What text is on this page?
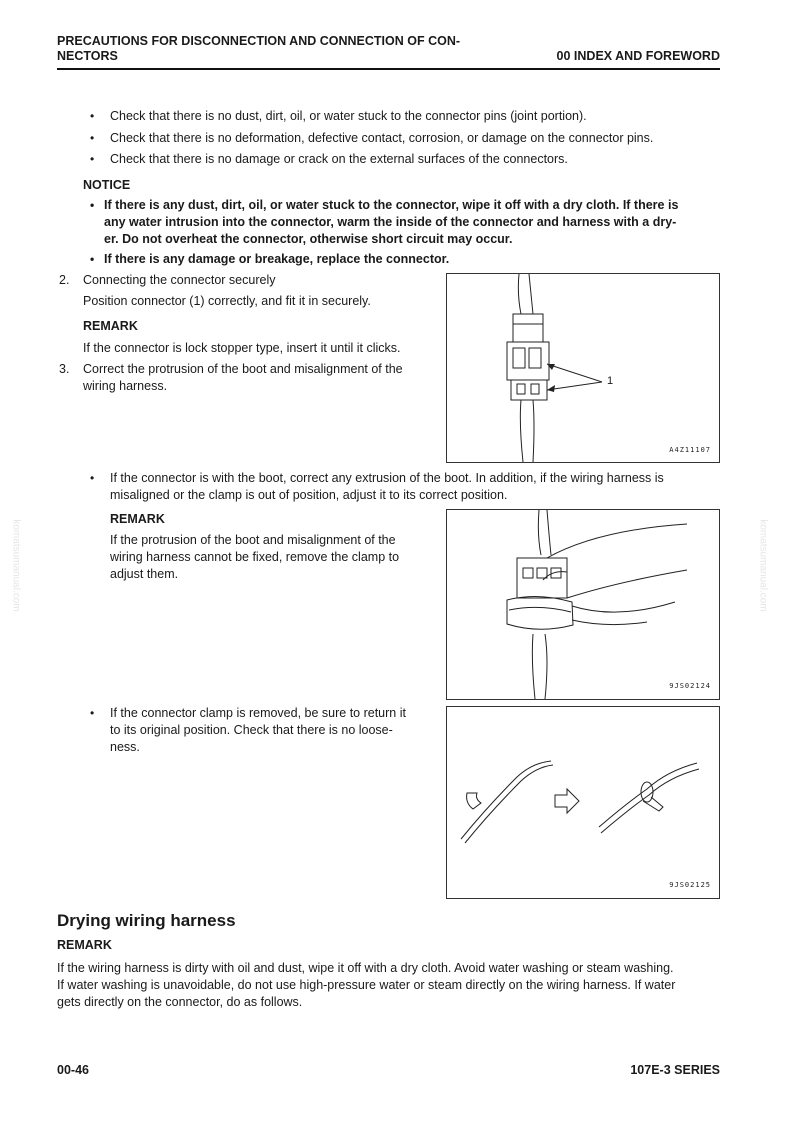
PRECAUTIONS FOR DISCONNECTION AND CONNECTION OF CON-
NECTORS	00 INDEX AND FOREWORD
komatsumanual.com	komatsumanual.com
• Check that there is no dust, dirt, oil, or water stuck to the connector pins (joint portion).
• Check that there is no deformation, defective contact, corrosion, or damage on the connector pins.
• Check that there is no damage or crack on the external surfaces of the connectors.
NOTICE
• If there is any dust, dirt, oil, or water stuck to the connector, wipe it off with a dry cloth. If there is
any water intrusion into the connector, warm the inside of the connector and harness with a dry-
er. Do not overheat the connector, otherwise short circuit may occur.
• If there is any damage or breakage, replace the connector.
2. Connecting the connector securely
Position connector (1) correctly, and fit it in securely.
REMARK
If the connector is lock stopper type, insert it until it clicks.
3. Correct the protrusion of the boot and misalignment of the
wiring harness.	1
A4Z11107
• If the connector is with the boot, correct any extrusion of the boot. In addition, if the wiring harness is
misaligned or the clamp is out of position, adjust it to its correct position.
REMARK
If the protrusion of the boot and misalignment of the
wiring harness cannot be fixed, remove the clamp to
adjust them.
9JS02124
• If the connector clamp is removed, be sure to return it
to its original position. Check that there is no loose-
ness.
9JS02125
Drying wiring harness
REMARK
If the wiring harness is dirty with oil and dust, wipe it off with a dry cloth. Avoid water washing or steam washing.
If water washing is unavoidable, do not use high-pressure water or steam directly on the wiring harness. If water
gets directly on the connector, do as follows.
00-46	107E-3 SERIES
